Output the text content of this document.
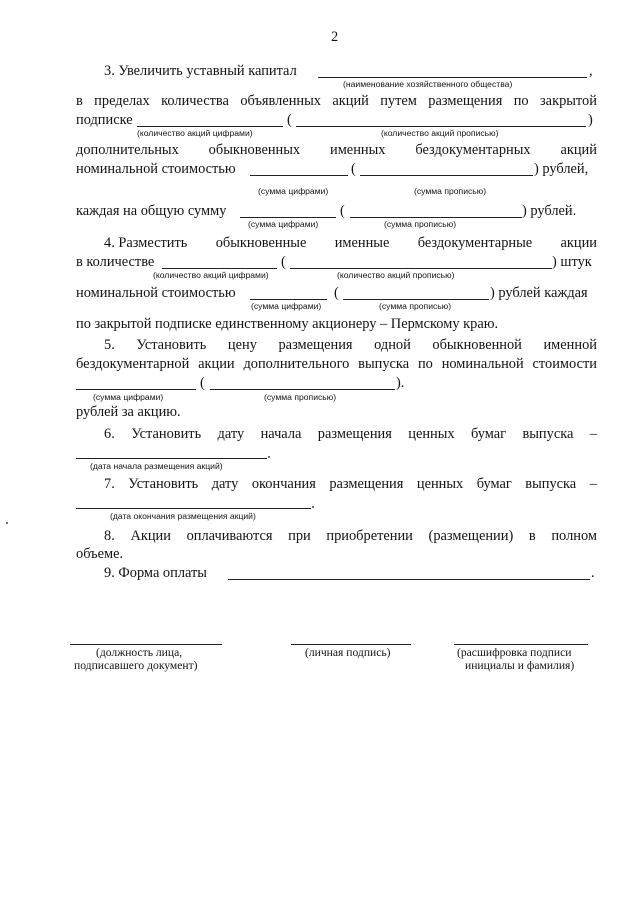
2
3. Увеличить уставный капитал	,
(наименование хозяйственного общества)
в пределах количества объявленных акций путем размещения по закрытой
подписке	(	)
(количество акций цифрами)	(количество акций прописью)
дополнительных обыкновенных именных бездокументарных акций
номинальной стоимостью	(	) рублей,
(сумма цифрами)	(сумма прописью)
каждая на общую сумму	(	) рублей.
(сумма цифрами)	(сумма прописью)
4. Разместить обыкновенные именные бездокументарные акции
в количестве	(	) штук
(количество акций цифрами)	(количество акций прописью)
номинальной стоимостью	(	) рублей каждая
(сумма цифрами)	(сумма прописью)
по закрытой подписке единственному акционеру – Пермскому краю.
5. Установить цену размещения одной обыкновенной именной
бездокументарной акции дополнительного выпуска по номинальной стоимости
(	).
(сумма цифрами)	(сумма прописью)
рублей за акцию.
6. Установить дату начала размещения ценных бумаг выпуска –
(дата начала размещения акций)
7. Установить дату окончания размещения ценных бумаг выпуска –
(дата окончания размещения акций)
8. Акции оплачиваются при приобретении (размещении) в полном
объеме.
9. Форма оплаты	.
(должность лица,
подписавшего документ)
(личная подпись)	(расшифровка подписи
инициалы и фамилия)
